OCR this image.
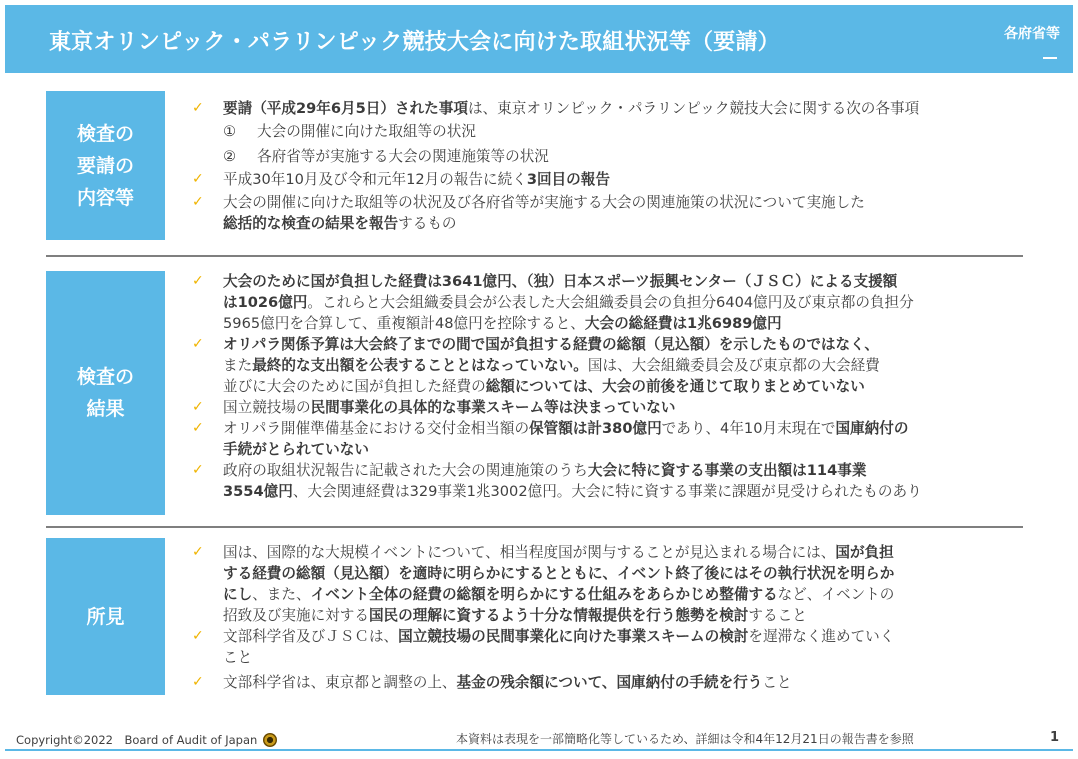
東京オリンピック・パラリンピック競技大会に向けた取組状況等（要請）	各府省等
検査の
要請の
内容等
✓ 要請（平成29年6月5日）された事項は、東京オリンピック・パラリンピック競技大会に関する次の各事項
① 大会の開催に向けた取組等の状況
② 各府省等が実施する大会の関連施策等の状況
✓ 平成30年10月及び令和元年12月の報告に続く3回目の報告
✓ 大会の開催に向けた取組等の状況及び各府省等が実施する大会の関連施策の状況について実施した
総括的な検査の結果を報告するもの
検査の
結果
✓ 大会のために国が負担した経費は3641億円、（独）日本スポーツ振興センター（ＪＳＣ）による支援額
は1026億円。これらと大会組織委員会が公表した大会組織委員会の負担分6404億円及び東京都の負担分
5965億円を合算して、重複額計48億円を控除すると、大会の総経費は1兆6989億円
✓ オリパラ関係予算は大会終了までの間で国が負担する経費の総額（見込額）を示したものではなく、
また最終的な支出額を公表することとはなっていない。国は、大会組織委員会及び東京都の大会経費
並びに大会のために国が負担した経費の総額については、大会の前後を通じて取りまとめていない
✓ 国立競技場の民間事業化の具体的な事業スキーム等は決まっていない
✓ オリパラ開催準備基金における交付金相当額の保管額は計380億円であり、4年10月末現在で国庫納付の
手続がとられていない
✓ 政府の取組状況報告に記載された大会の関連施策のうち大会に特に資する事業の支出額は114事業
3554億円、大会関連経費は329事業1兆3002億円。大会に特に資する事業に課題が見受けられたものあり
所見
✓ 国は、国際的な大規模イベントについて、相当程度国が関与することが見込まれる場合には、国が負担
する経費の総額（見込額）を適時に明らかにするとともに、イベント終了後にはその執行状況を明らか
にし、また、イベント全体の経費の総額を明らかにする仕組みをあらかじめ整備するなど、イベントの
招致及び実施に対する国民の理解に資するよう十分な情報提供を行う態勢を検討すること
✓ 文部科学省及びＪＳＣは、国立競技場の民間事業化に向けた事業スキームの検討を遅滞なく進めていく
こと
✓ 文部科学省は、東京都と調整の上、基金の残余額について、国庫納付の手続を行うこと
Copyright©2022　Board of Audit of Japan	本資料は表現を一部簡略化等しているため、詳細は令和4年12月21日の報告書を参照	1
